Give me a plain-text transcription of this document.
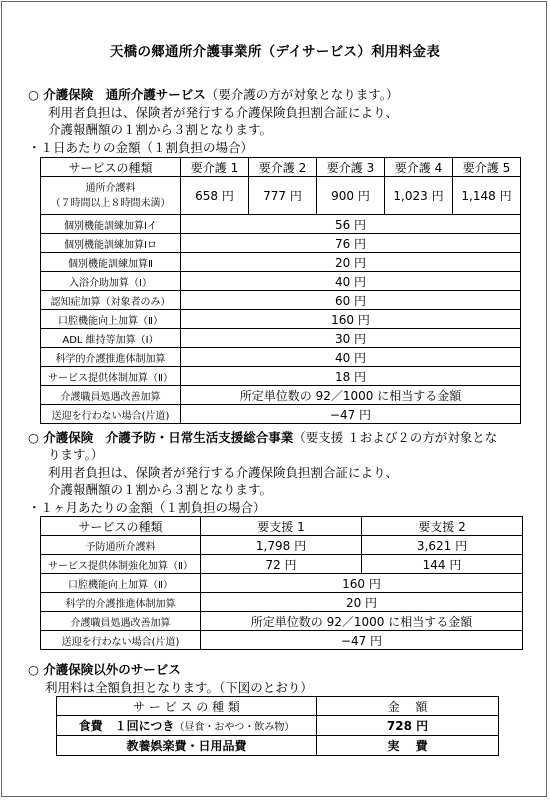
天橋の郷通所介護事業所（デイサービス）利用料金表
○ 介護保険　通所介護サービス（要介護の方が対象となります。）
利用者負担は、保険者が発行する介護保険負担割合証により、
介護報酬額の１割から３割となります。
・１日あたりの金額（１割負担の場合）
サービスの種類	要介護 1	要介護 2	要介護 3	要介護 4	要介護 5

通所介護料
（７時間以上８時間未満）	658 円	777 円	900 円	1,023 円	1,148 円
個別機能訓練加算Ⅰイ	56 円				
個別機能訓練加算Ⅰロ	76 円				
個別機能訓練加算Ⅱ	20 円				
入浴介助加算（Ⅰ）	40 円				
認知症加算（対象者のみ）	60 円				
口腔機能向上加算（Ⅱ）	160 円				
ADL 維持等加算（Ⅰ）	30 円				
科学的介護推進体制加算	40 円				
サービス提供体制加算（Ⅱ）	18 円				
介護職員処遇改善加算	所定単位数の 92／1000 に相当する金額				
送迎を行わない場合(片道)	−47 円				
○ 介護保険　介護予防・日常生活支援総合事業（要支援 １および２の方が対象とな
ります。）
利用者負担は、保険者が発行する介護保険負担割合証により、
介護報酬額の１割から３割となります。
・１ヶ月あたりの金額（１割負担の場合）
サービスの種類	要支援 1	要支援 2
予防通所介護料	1,798 円	3,621 円
サービス提供体制強化加算（Ⅱ）	72 円	144 円
口腔機能向上加算（Ⅱ）	160 円	
科学的介護推進体制加算	20 円	
介護職員処遇改善加算	所定単位数の 92／1000 に相当する金額	
送迎を行わない場合(片道)	−47 円	
○ 介護保険以外のサービス
利用料は全額負担となります。（下図のとおり）
サ ー ビ ス の 種 類	金　 額
食費　１回につき（昼食・おやつ・飲み物）	728 円
教養娯楽費・日用品費	実　 費
